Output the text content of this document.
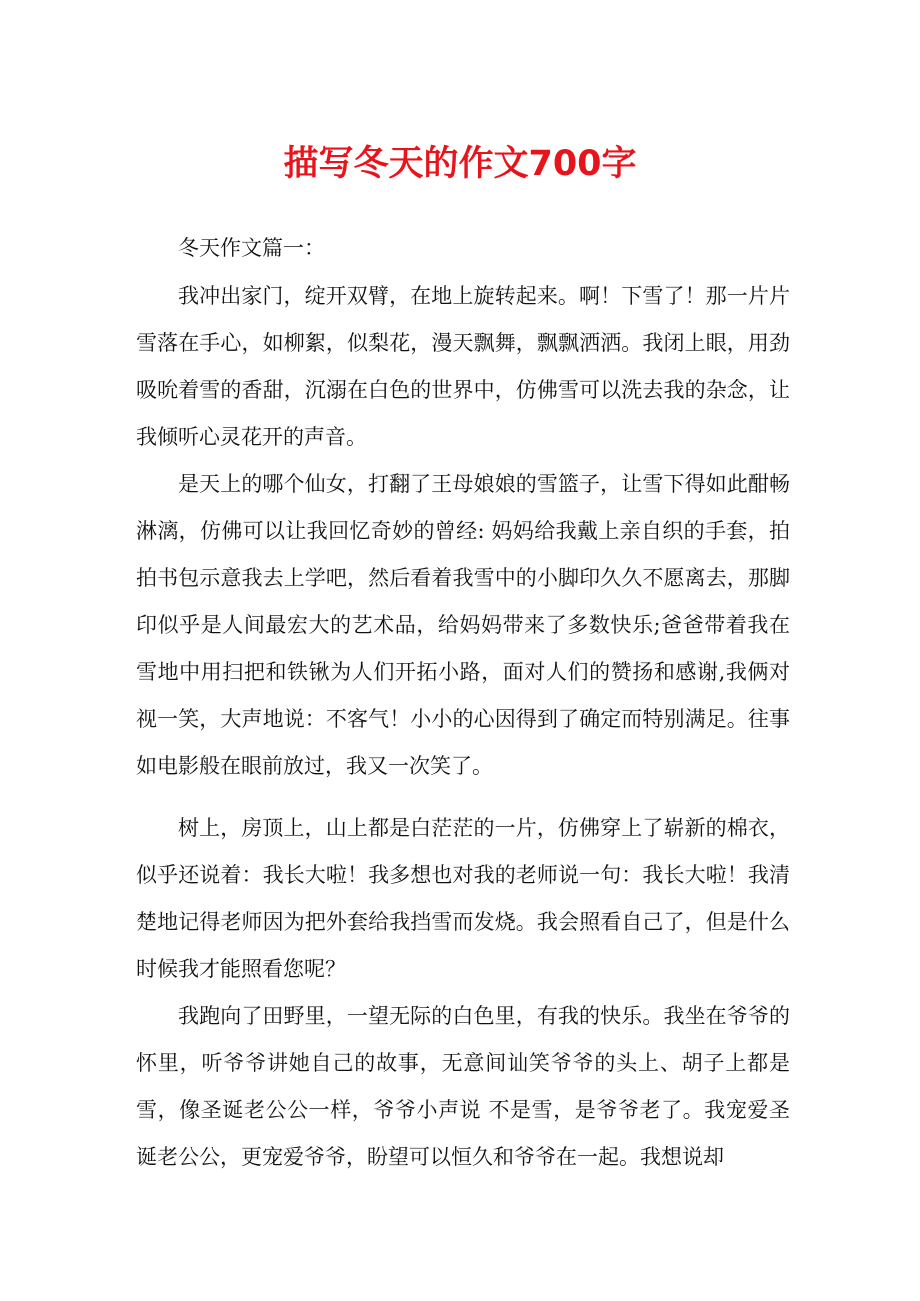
描写冬天的作文700字

冬天作文篇一：

我冲出家门，绽开双臂，在地上旋转起来。啊！下雪了！那一片片雪落在手心，如柳絮，似梨花，漫天飘舞，飘飘洒洒。我闭上眼，用劲吸吮着雪的香甜，沉溺在白色的世界中，仿佛雪可以洗去我的杂念，让我倾听心灵花开的声音。

是天上的哪个仙女，打翻了王母娘娘的雪篮子，让雪下得如此酣畅淋漓，仿佛可以让我回忆奇妙的曾经: 妈妈给我戴上亲自织的手套，拍拍书包示意我去上学吧，然后看着我雪中的小脚印久久不愿离去，那脚印似乎是人间最宏大的艺术品，给妈妈带来了多数快乐;爸爸带着我在雪地中用扫把和铁锹为人们开拓小路，面对人们的赞扬和感谢,我俩对视一笑，大声地说：不客气！小小的心因得到了确定而特别满足。往事如电影般在眼前放过，我又一次笑了。

树上，房顶上，山上都是白茫茫的一片，仿佛穿上了崭新的棉衣，似乎还说着：我长大啦！我多想也对我的老师说一句：我长大啦！我清楚地记得老师因为把外套给我挡雪而发烧。我会照看自己了，但是什么时候我才能照看您呢？

我跑向了田野里，一望无际的白色里，有我的快乐。我坐在爷爷的怀里，听爷爷讲她自己的故事，无意间讪笑爷爷的头上、胡子上都是雪，像圣诞老公公一样，爷爷小声说 不是雪，是爷爷老了。我宠爱圣诞老公公，更宠爱爷爷，盼望可以恒久和爷爷在一起。我想说却
